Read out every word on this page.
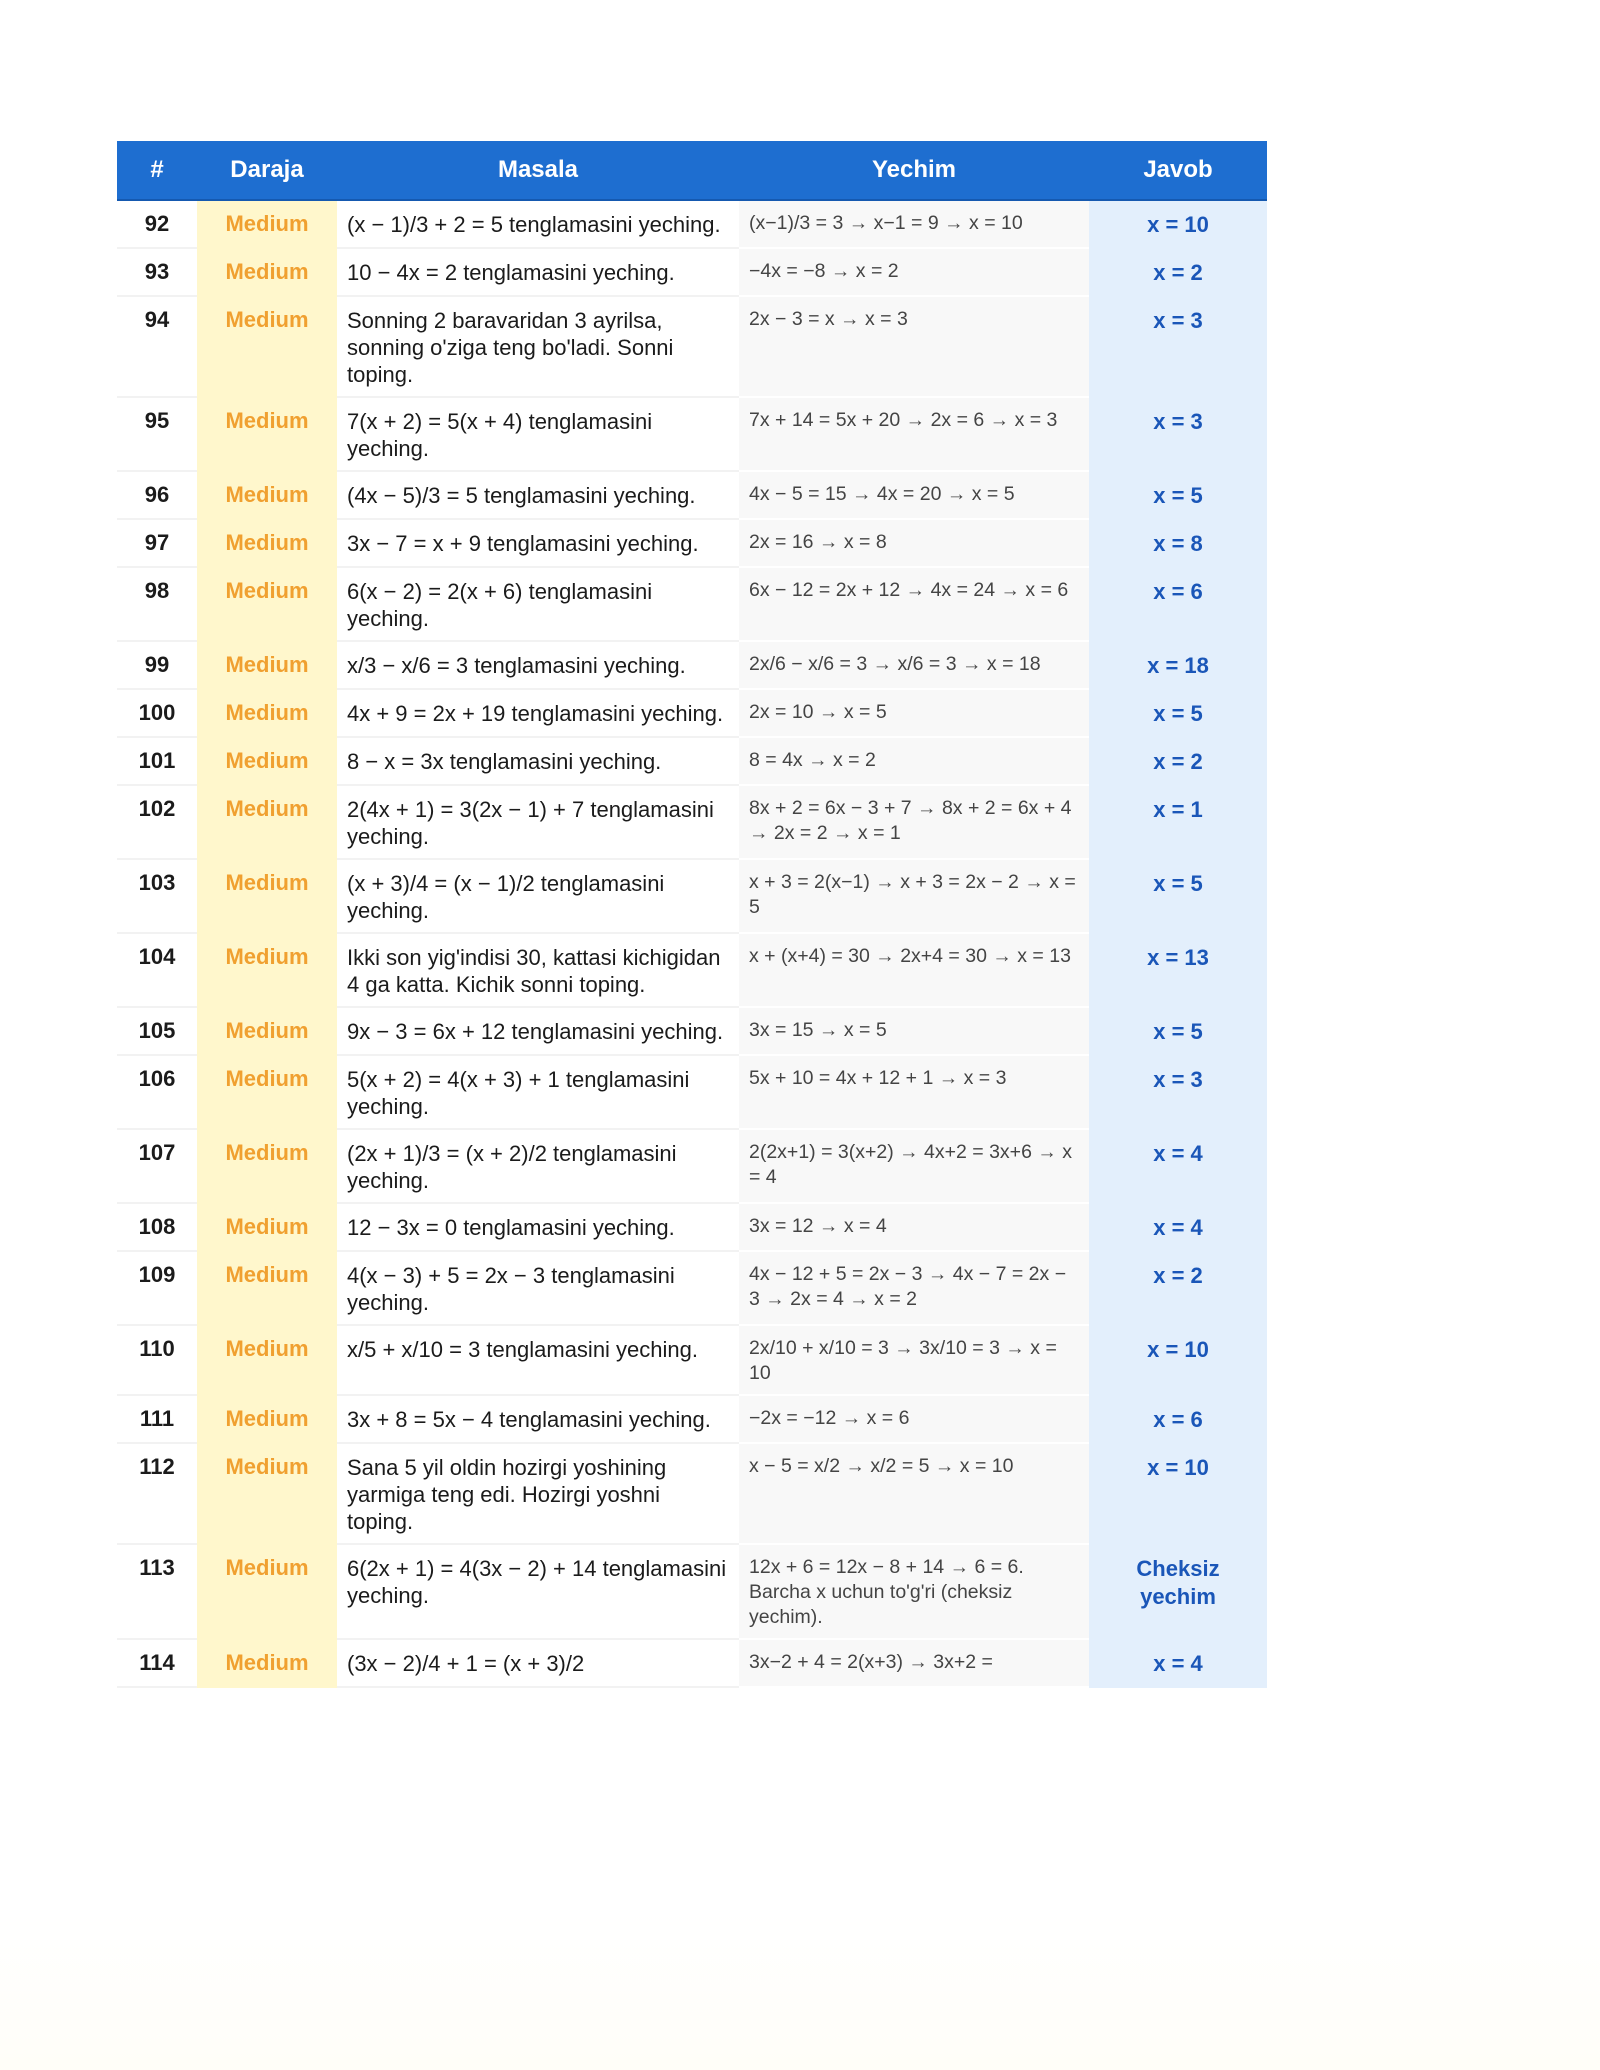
#	Daraja	Masala	Yechim	Javob
92	Medium	(x − 1)/3 + 2 = 5 tenglamasini yeching.	(x−1)/3 = 3 → x−1 = 9 → x = 10	x = 10
93	Medium	10 − 4x = 2 tenglamasini yeching.	−4x = −8 → x = 2	x = 2
94	Medium	Sonning 2 baravaridan 3 ayrilsa, sonning o'ziga teng bo'ladi. Sonni toping.	2x − 3 = x → x = 3	x = 3
95	Medium	7(x + 2) = 5(x + 4) tenglamasini yeching.	7x + 14 = 5x + 20 → 2x = 6 → x = 3	x = 3
96	Medium	(4x − 5)/3 = 5 tenglamasini yeching.	4x − 5 = 15 → 4x = 20 → x = 5	x = 5
97	Medium	3x − 7 = x + 9 tenglamasini yeching.	2x = 16 → x = 8	x = 8
98	Medium	6(x − 2) = 2(x + 6) tenglamasini yeching.	6x − 12 = 2x + 12 → 4x = 24 → x = 6	x = 6
99	Medium	x/3 − x/6 = 3 tenglamasini yeching.	2x/6 − x/6 = 3 → x/6 = 3 → x = 18	x = 18
100	Medium	4x + 9 = 2x + 19 tenglamasini yeching.	2x = 10 → x = 5	x = 5
101	Medium	8 − x = 3x tenglamasini yeching.	8 = 4x → x = 2	x = 2
102	Medium	2(4x + 1) = 3(2x − 1) + 7 tenglamasini yeching.	8x + 2 = 6x − 3 + 7 → 8x + 2 = 6x + 4 → 2x = 2 → x = 1	x = 1
103	Medium	(x + 3)/4 = (x − 1)/2 tenglamasini yeching.	x + 3 = 2(x−1) → x + 3 = 2x − 2 → x = 5	x = 5
104	Medium	Ikki son yig'indisi 30, kattasi kichigidan 4 ga katta. Kichik sonni toping.	x + (x+4) = 30 → 2x+4 = 30 → x = 13	x = 13
105	Medium	9x − 3 = 6x + 12 tenglamasini yeching.	3x = 15 → x = 5	x = 5
106	Medium	5(x + 2) = 4(x + 3) + 1 tenglamasini yeching.	5x + 10 = 4x + 12 + 1 → x = 3	x = 3
107	Medium	(2x + 1)/3 = (x + 2)/2 tenglamasini yeching.	2(2x+1) = 3(x+2) → 4x+2 = 3x+6 → x = 4	x = 4
108	Medium	12 − 3x = 0 tenglamasini yeching.	3x = 12 → x = 4	x = 4
109	Medium	4(x − 3) + 5 = 2x − 3 tenglamasini yeching.	4x − 12 + 5 = 2x − 3 → 4x − 7 = 2x − 3 → 2x = 4 → x = 2	x = 2
110	Medium	x/5 + x/10 = 3 tenglamasini yeching.	2x/10 + x/10 = 3 → 3x/10 = 3 → x = 10	x = 10
111	Medium	3x + 8 = 5x − 4 tenglamasini yeching.	−2x = −12 → x = 6	x = 6
112	Medium	Sana 5 yil oldin hozirgi yoshining yarmiga teng edi. Hozirgi yoshni toping.	x − 5 = x/2 → x/2 = 5 → x = 10	x = 10
113	Medium	6(2x + 1) = 4(3x − 2) + 14 tenglamasini yeching.	12x + 6 = 12x − 8 + 14 → 6 = 6. Barcha x uchun to'g'ri (cheksiz yechim).	Cheksiz yechim
114	Medium	(3x − 2)/4 + 1 = (x + 3)/2	3x−2 + 4 = 2(x+3) → 3x+2 =	x = 4
